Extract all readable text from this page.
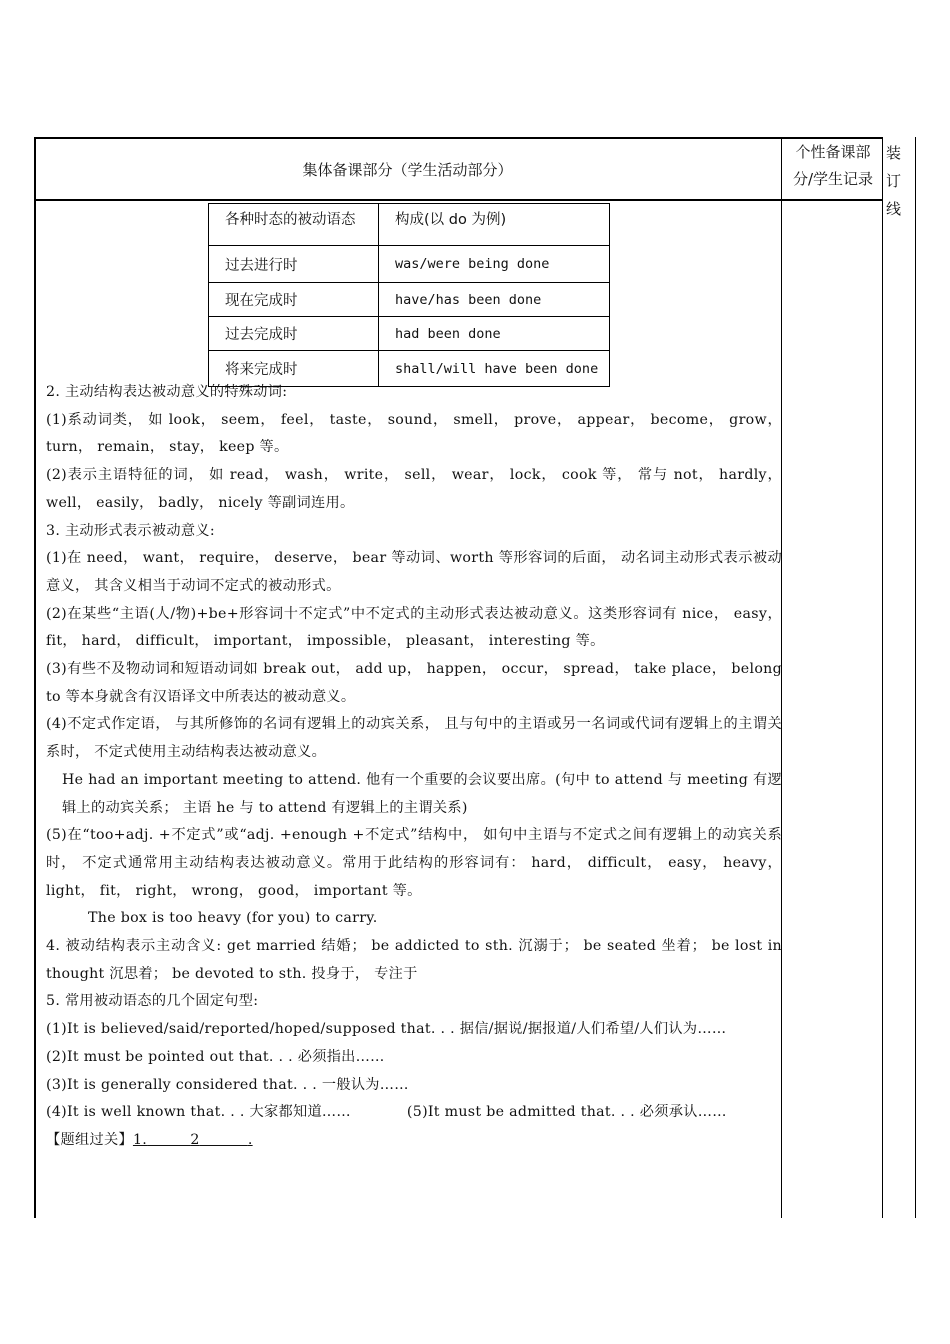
集体备课部分（学生活动部分）
个性备课部
分/学生记录
装
订
线
各种时态的被动语态	构成(以 do 为例)
过去进行时	was/were being done
现在完成时	have/has been done
过去完成时	had been done
将来完成时	shall/will have been done

2. 主动结构表达被动意义的特殊动词:

(1)系动词类， 如 look， seem， feel， taste， sound， smell， prove， appear， become， grow， turn， remain， stay， keep 等。

(2)表示主语特征的词， 如 read， wash， write， sell， wear， lock， cook 等， 常与 not， hardly， well， easily， badly， nicely 等副词连用。

3. 主动形式表示被动意义:

(1)在 need， want， require， deserve， bear 等动词、worth 等形容词的后面， 动名词主动形式表示被动意义， 其含义相当于动词不定式的被动形式。

(2)在某些“主语(人/物)+be+形容词十不定式”中不定式的主动形式表达被动意义。这类形容词有 nice， easy， fit， hard， difficult， important， impossible， pleasant， interesting 等。

(3)有些不及物动词和短语动词如 break out， add up， happen， occur， spread， take place， belong to 等本身就含有汉语译文中所表达的被动意义。

(4)不定式作定语， 与其所修饰的名词有逻辑上的动宾关系， 且与句中的主语或另一名词或代词有逻辑上的主谓关系时， 不定式使用主动结构表达被动意义。

He had an important meeting to attend. 他有一个重要的会议要出席。(句中 to attend 与 meeting 有逻辑上的动宾关系； 主语 he 与 to attend 有逻辑上的主谓关系)

(5)在“too+adj. +不定式”或“adj. +enough +不定式”结构中， 如句中主语与不定式之间有逻辑上的动宾关系时， 不定式通常用主动结构表达被动意义。常用于此结构的形容词有： hard， difficult， easy， heavy， light， fit， right， wrong， good， important 等。

The box is too heavy (for you) to carry.

4. 被动结构表示主动含义: get married 结婚； be addicted to sth. 沉溺于； be seated 坐着； be lost in thought 沉思着； be devoted to sth. 投身于， 专注于

5. 常用被动语态的几个固定句型:

(1)It is believed/said/reported/hoped/supposed that. . . 据信/据说/据报道/人们希望/人们认为……

(2)It must be pointed out that. . . 必须指出……

(3)It is generally considered that. . . 一般认为……

(4)It is well known that. . . 大家都知道……	(5)It must be admitted that. . . 必须承认……

【题组过关】1.	2	.
